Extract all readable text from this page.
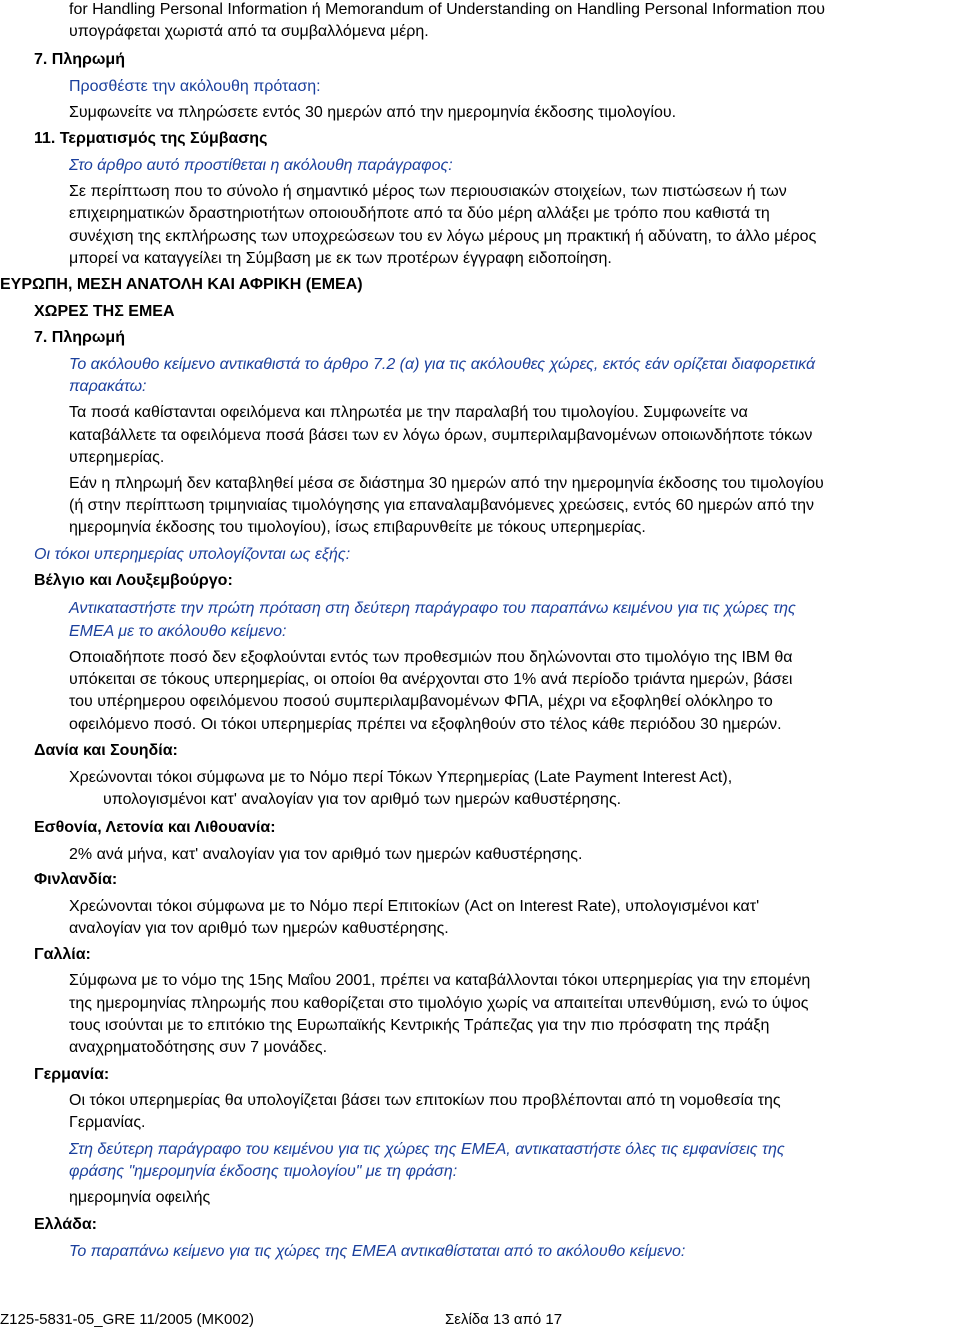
for Handling Personal Information ή Memorandum of Understanding on Handling Personal Information που
υπογράφεται χωριστά από τα συμβαλλόμενα μέρη.
7. Πληρωμή
Προσθέστε την ακόλουθη πρόταση:
Συμφωνείτε να πληρώσετε εντός 30 ημερών από την ημερομηνία έκδοσης τιμολογίου.
11. Τερματισμός της Σύμβασης
Στο άρθρο αυτό προστίθεται η ακόλουθη παράγραφος:
Σε περίπτωση που το σύνολο ή σημαντικό μέρος των περιουσιακών στοιχείων, των πιστώσεων ή των
επιχειρηματικών δραστηριοτήτων οποιουδήποτε από τα δύο μέρη αλλάξει με τρόπο που καθιστά τη
συνέχιση της εκπλήρωσης των υποχρεώσεων του εν λόγω μέρους μη πρακτική ή αδύνατη, το άλλο μέρος
μπορεί να καταγγείλει τη Σύμβαση με εκ των προτέρων έγγραφη ειδοποίηση.
ΕΥΡΩΠΗ, ΜΕΣΗ ΑΝΑΤΟΛΗ ΚΑΙ ΑΦΡΙΚΗ (ΕΜΕΑ)
ΧΩΡΕΣ ΤΗΣ ΕΜΕΑ
7. Πληρωμή
Το ακόλουθο κείμενο αντικαθιστά το άρθρο 7.2 (α) για τις ακόλουθες χώρες, εκτός εάν ορίζεται διαφορετικά
παρακάτω:
Τα ποσά καθίστανται οφειλόμενα και πληρωτέα με την παραλαβή του τιμολογίου. Συμφωνείτε να
καταβάλλετε τα οφειλόμενα ποσά βάσει των εν λόγω όρων, συμπεριλαμβανομένων οποιωνδήποτε τόκων
υπερημερίας.
Εάν η πληρωμή δεν καταβληθεί μέσα σε διάστημα 30 ημερών από την ημερομηνία έκδοσης του τιμολογίου
(ή στην περίπτωση τριμηνιαίας τιμολόγησης για επαναλαμβανόμενες χρεώσεις, εντός 60 ημερών από την
ημερομηνία έκδοσης του τιμολογίου), ίσως επιβαρυνθείτε με τόκους υπερημερίας.
Οι τόκοι υπερημερίας υπολογίζονται ως εξής:
Βέλγιο και Λουξεμβούργο:
Αντικαταστήστε την πρώτη πρόταση στη δεύτερη παράγραφο του παραπάνω κειμένου για τις χώρες της
ΕΜΕΑ με το ακόλουθο κείμενο:
Οποιαδήποτε ποσό δεν εξοφλούνται εντός των προθεσμιών που δηλώνονται στο τιμολόγιο της IBM θα
υπόκειται σε τόκους υπερημερίας, οι οποίοι θα ανέρχονται στο 1% ανά περίοδο τριάντα ημερών, βάσει
του υπέρημερου οφειλόμενου ποσού συμπεριλαμβανομένων ΦΠΑ, μέχρι να εξοφληθεί ολόκληρο το
οφειλόμενο ποσό. Οι τόκοι υπερημερίας πρέπει να εξοφληθούν στο τέλος κάθε περιόδου 30 ημερών.
Δανία και Σουηδία:
Χρεώνονται τόκοι σύμφωνα με το Νόμο περί Τόκων Υπερημερίας (Late Payment Interest Act),
υπολογισμένοι κατ' αναλογίαν για τον αριθμό των ημερών καθυστέρησης.
Εσθονία, Λετονία και Λιθουανία:
2% ανά μήνα, κατ' αναλογίαν για τον αριθμό των ημερών καθυστέρησης.
Φινλανδία:
Χρεώνονται τόκοι σύμφωνα με το Νόμο περί Επιτοκίων (Act on Interest Rate), υπολογισμένοι κατ'
αναλογίαν για τον αριθμό των ημερών καθυστέρησης.
Γαλλία:
Σύμφωνα με το νόμο της 15ης Μαΐου 2001, πρέπει να καταβάλλονται τόκοι υπερημερίας για την επομένη
της ημερομηνίας πληρωμής που καθορίζεται στο τιμολόγιο χωρίς να απαιτείται υπενθύμιση, ενώ το ύψος
τους ισούνται με το επιτόκιο της Ευρωπαϊκής Κεντρικής Τράπεζας για την πιο πρόσφατη της πράξη
αναχρηματοδότησης συν 7 μονάδες.
Γερμανία:
Οι τόκοι υπερημερίας θα υπολογίζεται βάσει των επιτοκίων που προβλέπονται από τη νομοθεσία της
Γερμανίας.
Στη δεύτερη παράγραφο του κειμένου για τις χώρες της ΕΜΕΑ, αντικαταστήστε όλες τις εμφανίσεις της
φράσης "ημερομηνία έκδοσης τιμολογίου" με τη φράση:
ημερομηνία οφειλής
Ελλάδα:
Το παραπάνω κείμενο για τις χώρες της ΕΜΕΑ αντικαθίσταται από το ακόλουθο κείμενο:
Z125-5831-05_GRE 11/2005 (MK002)	Σελίδα 13 από 17
